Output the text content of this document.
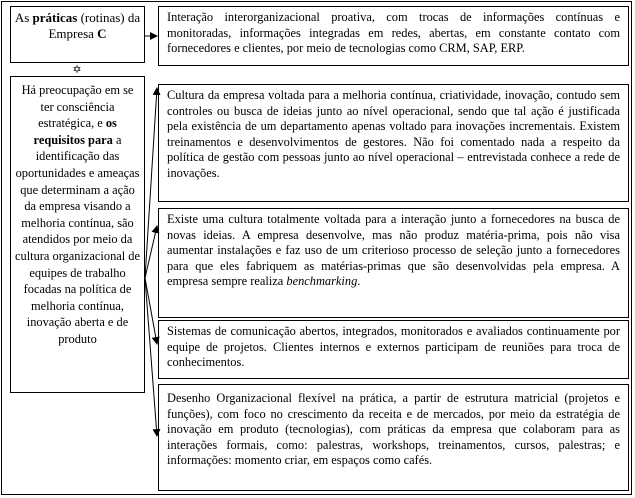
As práticas (rotinas) da Empresa C

✡

Há preocupação em se ter consciência estratégica, e os requisitos para a identificação das oportunidades e ameaças que determinam a ação da empresa visando a melhoria contínua, são atendidos por meio da cultura organizacional de equipes de trabalho focadas na política de melhoria contínua, inovação aberta e de produto

Interação interorganizacional proativa, com trocas de informações contínuas e monitoradas, informações integradas em redes, abertas, em constante contato com fornecedores e clientes, por meio de tecnologias como CRM, SAP, ERP.

Cultura da empresa voltada para a melhoria contínua, criatividade, inovação, contudo sem controles ou busca de ideias junto ao nível operacional, sendo que tal ação é justificada pela existência de um departamento apenas voltado para inovações incrementais. Existem treinamentos e desenvolvimentos de gestores. Não foi comentado nada a respeito da política de gestão com pessoas junto ao nível operacional – entrevistada conhece a rede de inovações.

Existe uma cultura totalmente voltada para a interação junto a fornecedores na busca de novas ideias. A empresa desenvolve, mas não produz matéria-prima, pois não visa aumentar instalações e faz uso de um criterioso processo de seleção junto a fornecedores para que eles fabriquem as matérias-primas que são desenvolvidas pela empresa. A empresa sempre realiza benchmarking.

Sistemas de comunicação abertos, integrados, monitorados e avaliados continuamente por equipe de projetos. Clientes internos e externos participam de reuniões para troca de conhecimentos.

Desenho Organizacional flexível na prática, a partir de estrutura matricial (projetos e funções), com foco no crescimento da receita e de mercados, por meio da estratégia de inovação em produto (tecnologias), com práticas da empresa que colaboram para as interações formais, como: palestras, workshops, treinamentos, cursos, palestras; e informações: momento criar, em espaços como cafés.
